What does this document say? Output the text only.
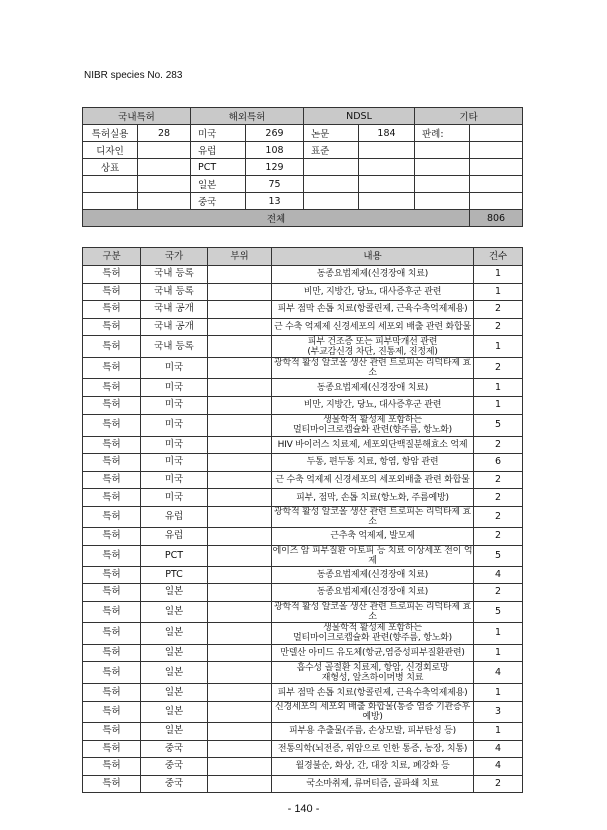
NIBR species No. 283
국내특허		해외특허		NDSL		기타	
특허실용	28	미국	269	논문	184	판례:	
디자인		유럽	108	표준			
상표		PCT	129				
		일본	75				
		중국	13				
전체							806
구분	국가	부위	내용	건수
특허	국내 등록		동종요법제제(신경장애 치료)	1
특허	국내 등록		비만, 지방간, 당뇨, 대사증후군 관련	1
특허	국내 공개		피부 점막 손톱 치료(항콜린제, 근육수축억제제용)	2
특허	국내 공개		근 수축 억제제 신경세포의 세포외 배출 관련 화합물	2
특허	국내 등록		피부 건조증 또는 피부막개선 관련
(부교감신경 차단, 진통제, 진정제)	1
특허	미국		광학적 활성 알코올 생산 관련 트로피논 리덕타제 효소	2
특허	미국		동종요법제제(신경장애 치료)	1
특허	미국		비만, 지방간, 당뇨, 대사증후군 관련	1
특허	미국		생물학적 활성제 포함하는
멀티마이크로캡슐화 관련(향주름, 항노화)	5
특허	미국		HIV 바이러스 치료제, 세포외단백질분해효소 억제	2
특허	미국		두통, 편두통 치료, 항염, 항암 관련	6
특허	미국		근 수축 억제제 신경세포의 세포외배출 관련 화합물	2
특허	미국		피부, 점막, 손톱 치료(항노화, 주름예방)	2
특허	유럽		광학적 활성 알코올 생산 관련 트로피논 리덕타제 효소	2
특허	유럽		근추축 억제제, 발모제	2
특허	PCT		에이즈 암 피부질환 아토피 등 치료 이상세포 전이 억제	5
특허	PTC		동종요법제제(신경장애 치료)	4
특허	일본		동종요법제제(신경장애 치료)	2
특허	일본		광학적 활성 알코올 생산 관련 트로피논 리덕타제 효소	5
특허	일본		생물학적 활성제 포함하는
멀티마이크로캡슐화 관련(향주름, 항노화)	1
특허	일본		만델산 아미드 유도체(항균,염증성피부질환관련)	1
특허	일본		흡수성 골절환 치료제, 항암, 신경회로망
재형성, 알츠하이머병 치료	4
특허	일본		피부 점막 손톱 치료(항콜린제, 근육수축억제제용)	1
특허	일본		신경세포의 세포외 배출 화합물(통증 염증 기관증후 예방)	3
특허	일본		피부용 추출물(주름, 손상모발, 피부탄성 등)	1
특허	중국		전통의학(뇌전증, 위암으로 인한 통증, 농장, 치통)	4
특허	중국		월경불순, 화상, 간, 대장 치료, 폐강화 등	4
특허	중국		국소마취제, 류머티즘, 골파쇄 치료	2
- 140 -
